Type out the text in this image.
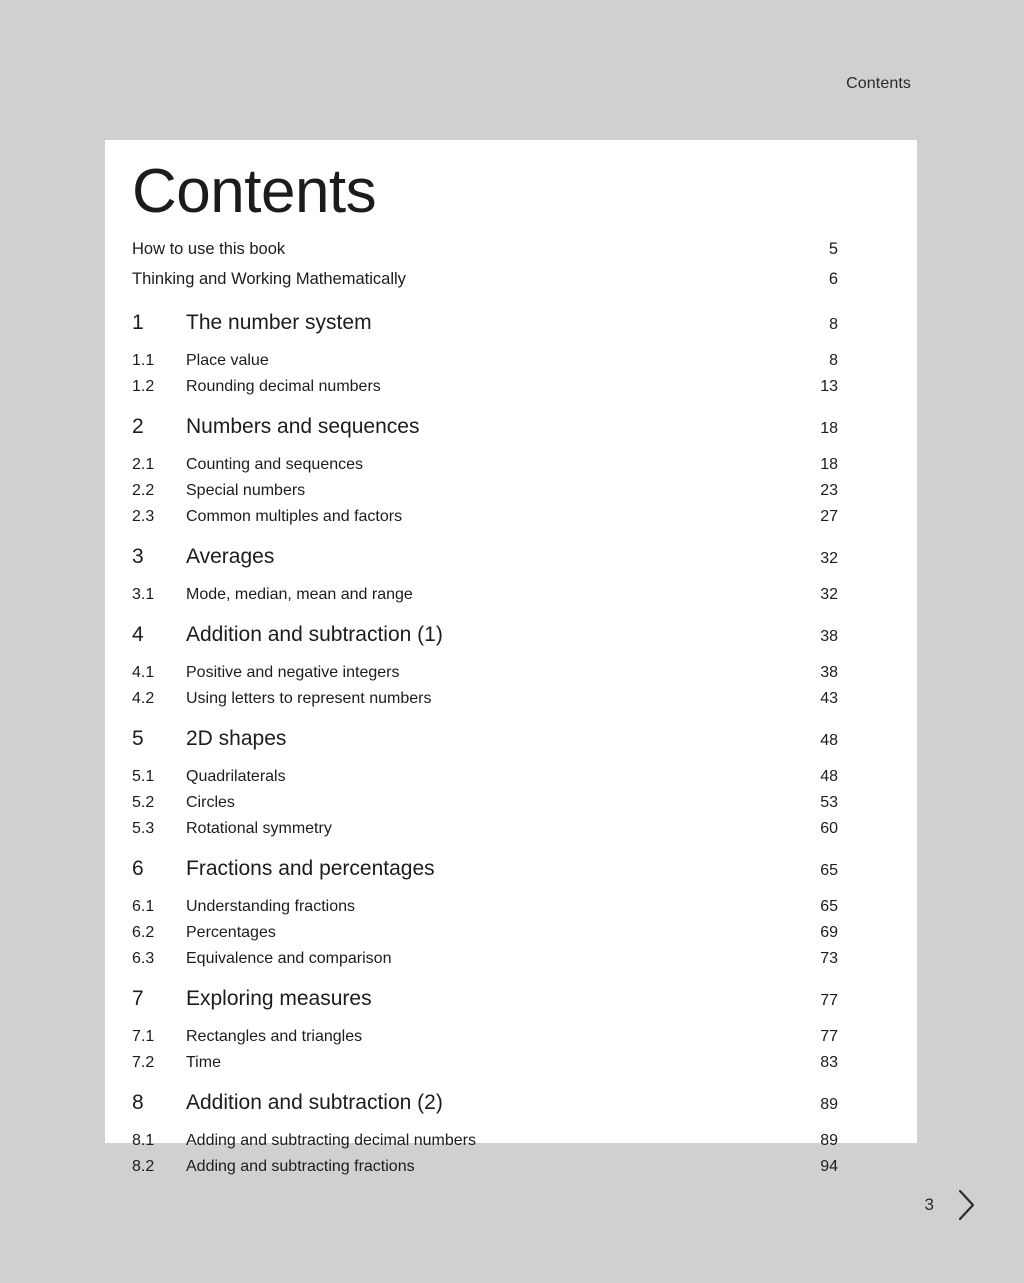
Contents
Contents
How to use this book	5
Thinking and Working Mathematically	6
1	The number system	8
1.1	Place value	8
1.2	Rounding decimal numbers	13
2	Numbers and sequences	18
2.1	Counting and sequences	18
2.2	Special numbers	23
2.3	Common multiples and factors	27
3	Averages	32
3.1	Mode, median, mean and range	32
4	Addition and subtraction (1)	38
4.1	Positive and negative integers	38
4.2	Using letters to represent numbers	43
5	2D shapes	48
5.1	Quadrilaterals	48
5.2	Circles	53
5.3	Rotational symmetry	60
6	Fractions and percentages	65
6.1	Understanding fractions	65
6.2	Percentages	69
6.3	Equivalence and comparison	73
7	Exploring measures	77
7.1	Rectangles and triangles	77
7.2	Time	83
8	Addition and subtraction (2)	89
8.1	Adding and subtracting decimal numbers	89
8.2	Adding and subtracting fractions	94
3
